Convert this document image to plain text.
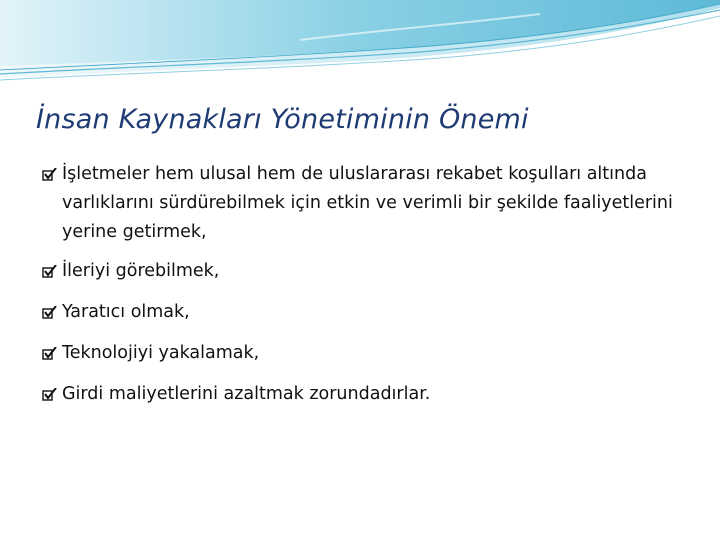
İnsan Kaynakları Yönetiminin Önemi
İşletmeler hem ulusal hem de uluslararası rekabet koşulları altında varlıklarını sürdürebilmek için etkin ve verimli bir şekilde faaliyetlerini yerine getirmek,
İleriyi görebilmek,
Yaratıcı olmak,
Teknolojiyi yakalamak,
Girdi maliyetlerini azaltmak zorundadırlar.
